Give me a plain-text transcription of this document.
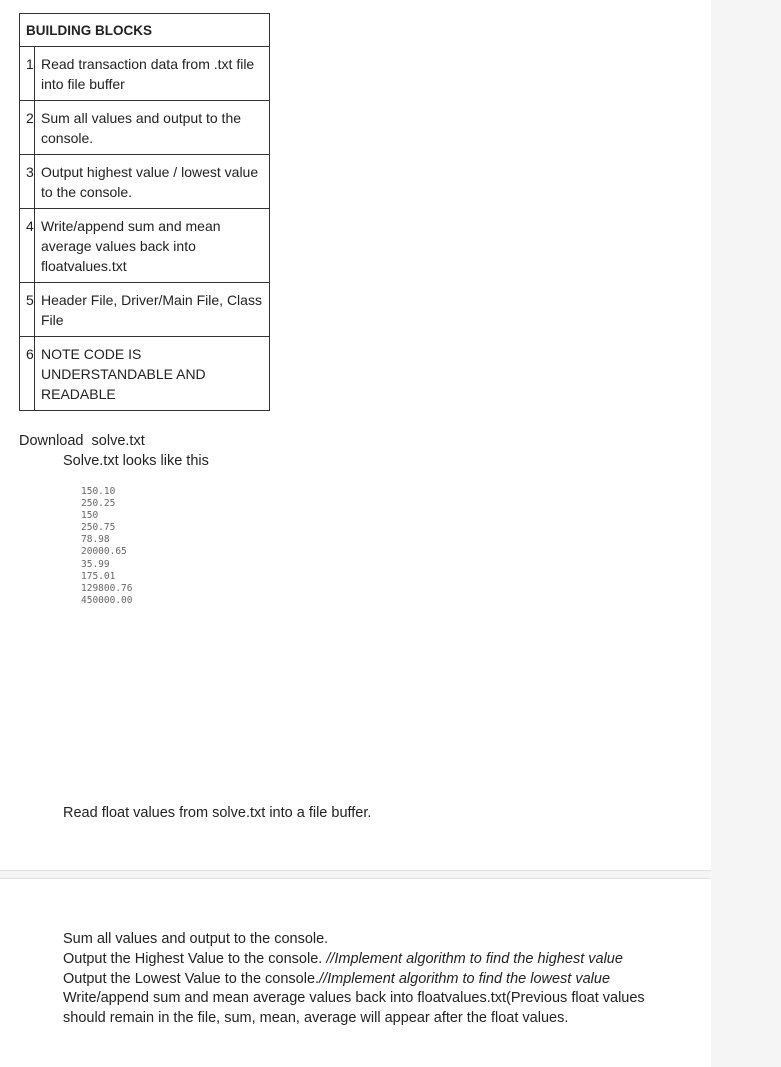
BUILDING BLOCKS	
1	Read transaction data from .txt file into file buffer
2	Sum all values and output to the console.
3	Output highest value / lowest value to the console.
4	Write/append sum and mean average values back into floatvalues.txt
5	Header File, Driver/Main File, Class File
6	NOTE CODE IS UNDERSTANDABLE AND READABLE
Download solve.txt
Solve.txt looks like this
150.10
250.25
150
250.75
78.98
20000.65
35.99
175.01
129800.76
450000.00
Read float values from solve.txt into a file buffer.

Sum all values and output to the console.

Output the Highest Value to the console. //Implement algorithm to find the highest value

Output the Lowest Value to the console.//Implement algorithm to find the lowest value

Write/append sum and mean average values back into floatvalues.txt(Previous float values should remain in the file, sum, mean, average will appear after the float values.
